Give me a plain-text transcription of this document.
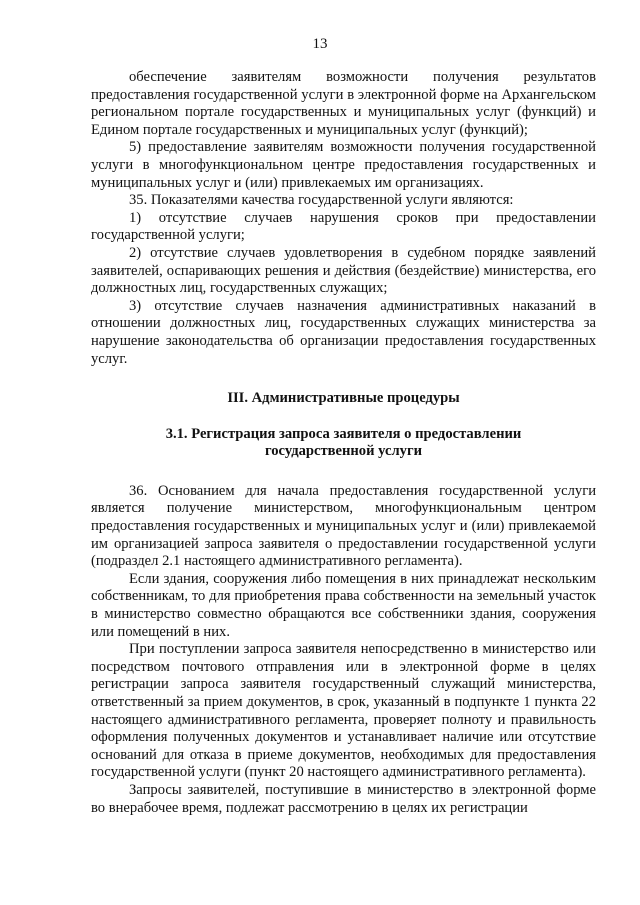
13

обеспечение заявителям возможности получения результатов предоставления государственной услуги в электронной форме на Архангельском региональном портале государственных и муниципальных услуг (функций) и Едином портале государственных и муниципальных услуг (функций);

5) предоставление заявителям возможности получения государственной услуги в многофункциональном центре предоставления государственных и муниципальных услуг и (или) привлекаемых им организациях.

35. Показателями качества государственной услуги являются:

1) отсутствие случаев нарушения сроков при предоставлении государственной услуги;

2) отсутствие случаев удовлетворения в судебном порядке заявлений заявителей, оспаривающих решения и действия (бездействие) министерства, его должностных лиц, государственных служащих;

3) отсутствие случаев назначения административных наказаний в отношении должностных лиц, государственных служащих министерства за нарушение законодательства об организации предоставления государственных услуг.

III. Административные процедуры
3.1. Регистрация запроса заявителя о предоставлении государственной услуги

36. Основанием для начала предоставления государственной услуги является получение министерством, многофункциональным центром предоставления государственных и муниципальных услуг и (или) привлекаемой им организацией запроса заявителя о предоставлении государственной услуги (подраздел 2.1 настоящего административного регламента).

Если здания, сооружения либо помещения в них принадлежат нескольким собственникам, то для приобретения права собственности на земельный участок в министерство совместно обращаются все собственники здания, сооружения или помещений в них.

При поступлении запроса заявителя непосредственно в министерство или посредством почтового отправления или в электронной форме в целях регистрации запроса заявителя государственный служащий министерства, ответственный за прием документов, в срок, указанный в подпункте 1 пункта 22 настоящего административного регламента, проверяет полноту и правильность оформления полученных документов и устанавливает наличие или отсутствие оснований для отказа в приеме документов, необходимых для предоставления государственной услуги (пункт 20 настоящего административного регламента).

Запросы заявителей, поступившие в министерство в электронной форме во внерабочее время, подлежат рассмотрению в целях их регистрации
